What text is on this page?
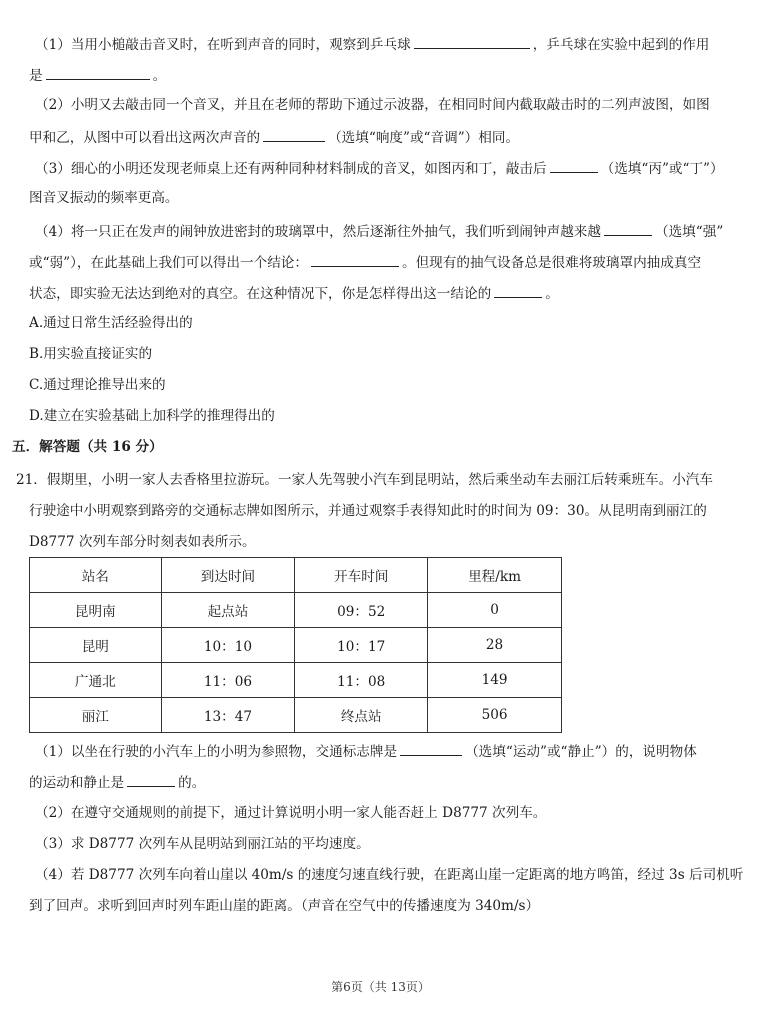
（1）当用小槌敲击音叉时，在听到声音的同时，观察到乒乓球	，乒乓球在实验中起到的作用
是	。
（2）小明又去敲击同一个音叉，并且在老师的帮助下通过示波器，在相同时间内截取敲击时的二列声波图，如图
甲和乙，从图中可以看出这两次声音的	（选填“响度”或“音调”）相同。
（3）细心的小明还发现老师桌上还有两种同种材料制成的音叉，如图丙和丁，敲击后	（选填“丙”或“丁”）
图音叉振动的频率更高。
（4）将一只正在发声的闹钟放进密封的玻璃罩中，然后逐渐往外抽气，我们听到闹钟声越来越	（选填“强”
或“弱”），在此基础上我们可以得出一个结论：	。但现有的抽气设备总是很难将玻璃罩内抽成真空
状态，即实验无法达到绝对的真空。在这种情况下，你是怎样得出这一结论的	。
A.通过日常生活经验得出的
B.用实验直接证实的
C.通过理论推导出来的
D.建立在实验基础上加科学的推理得出的
五．解答题（共 16 分）
21．假期里，小明一家人去香格里拉游玩。一家人先驾驶小汽车到昆明站，然后乘坐动车去丽江后转乘班车。小汽车
行驶途中小明观察到路旁的交通标志牌如图所示，并通过观察手表得知此时的时间为 09：30。从昆明南到丽江的
D8777 次列车部分时刻表如表所示。
站名	到达时间	开车时间	里程/km
昆明南	起点站	09：52	0
昆明	10：10	10：17	28
广通北	11：06	11：08	149
丽江	13：47	终点站	506
（1）以坐在行驶的小汽车上的小明为参照物，交通标志牌是	（选填“运动”或“静止”）的，说明物体
的运动和静止是	的。
（2）在遵守交通规则的前提下，通过计算说明小明一家人能否赶上 D8777 次列车。
（3）求 D8777 次列车从昆明站到丽江站的平均速度。
（4）若 D8777 次列车向着山崖以 40m/s 的速度匀速直线行驶，在距离山崖一定距离的地方鸣笛，经过 3s 后司机听
到了回声。求听到回声时列车距山崖的距离。（声音在空气中的传播速度为 340m/s）
第6页（共 13页）
